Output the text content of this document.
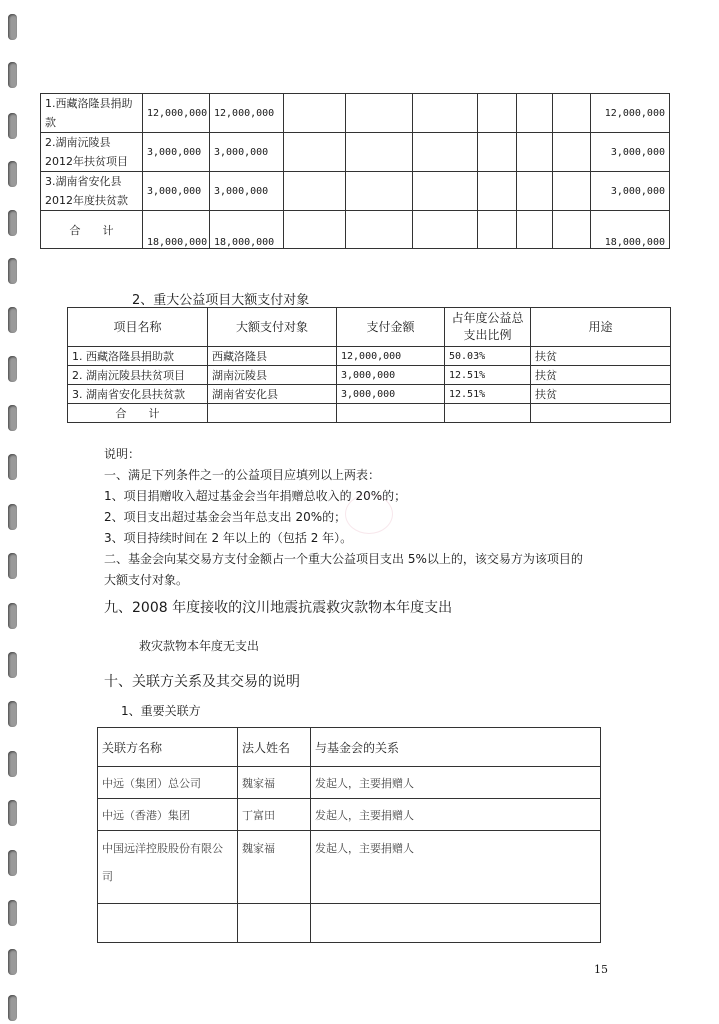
1.西藏洛隆县捐助款	12,000,000	12,000,000							12,000,000
2.湖南沅陵县2012年扶贫项目	3,000,000	3,000,000							3,000,000
3.湖南省安化县2012年度扶贫款	3,000,000	3,000,000							3,000,000
合　　计	18,000,000	18,000,000							18,000,000
2、重大公益项目大额支付对象
项目名称	大额支付对象	支付金额	占年度公益总支出比例	用途
1. 西藏洛隆县捐助款	西藏洛隆县	12,000,000	50.03%	扶贫
2. 湖南沅陵县扶贫项目	湖南沅陵县	3,000,000	12.51%	扶贫
3. 湖南省安化县扶贫款	湖南省安化县	3,000,000	12.51%	扶贫
合　　计				
说明：
一、满足下列条件之一的公益项目应填列以上两表：
1、项目捐赠收入超过基金会当年捐赠总收入的 20%的；
2、项目支出超过基金会当年总支出 20%的；
3、项目持续时间在 2 年以上的（包括 2 年）。
二、基金会向某交易方支付金额占一个重大公益项目支出 5%以上的，该交易方为该项目的
大额支付对象。
九、2008 年度接收的汶川地震抗震救灾款物本年度支出
救灾款物本年度无支出
十、关联方关系及其交易的说明
1、重要关联方
关联方名称	法人姓名	与基金会的关系
中远（集团）总公司	魏家福	发起人，主要捐赠人
中远（香港）集团	丁富田	发起人，主要捐赠人
中国远洋控股股份有限公司	魏家福	发起人，主要捐赠人

15
